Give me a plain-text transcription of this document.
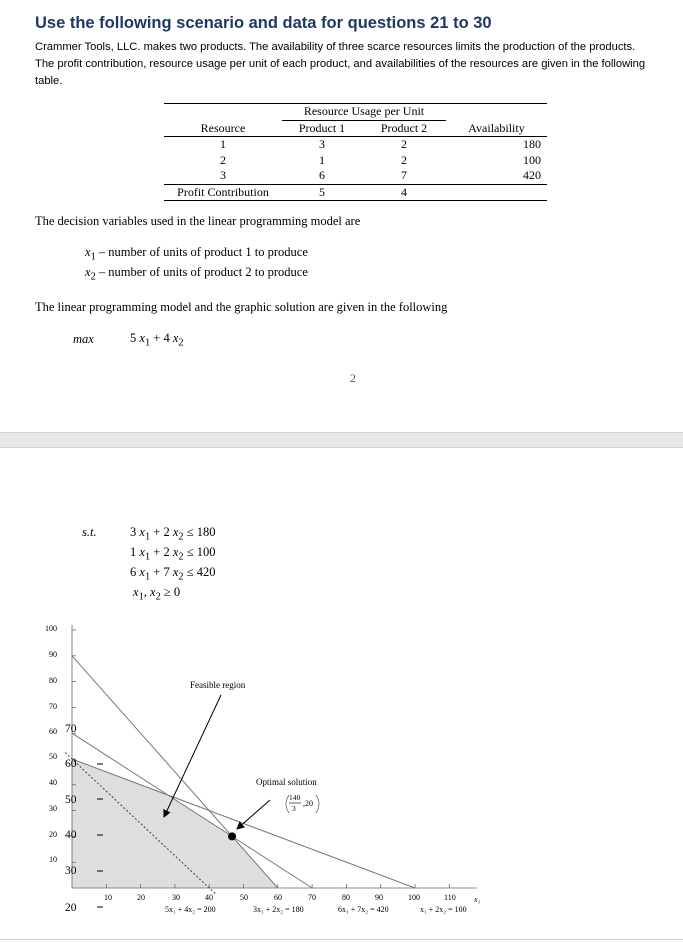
Use the following scenario and data for questions 21 to 30

Crammer Tools, LLC. makes two products. The availability of three scarce resources limits the production of the products. The profit contribution, resource usage per unit of each product, and availabilities of the resources are given in the following table.

	Resource Usage per Unit		
Resource	Product 1	Product 2	Availability
1	3	2	180
2	1	2	100
3	6	7	420
Profit Contribution	5	4	

The decision variables used in the linear programming model are

$x_1$ – number of units of product 1 to produce
$x_2$ – number of units of product 2 to produce

The linear programming model and the graphic solution are given in the following

max	5 $x_1 + 4$ $x_2$
2
s.t.	3 $x_1 + 2$ $x_2 \le 180$
1 $x_1 + 2$ $x_2 \le 100$
6 $x_1 + 7$ $x_2 \le 420$
$x_1$, $x_2 \ge 0$
Feasible region
Optimal solution
140
3
,20
5x₁ + 4x₂ = 200	3x₁ + 2x₂ = 180	6x₁ + 7x₂ = 420	x₁ + 2x₂ = 100
x₁
100
90
80
70
60
50
40
30
20
10
10	20	30	40	50	60	70	80	90	100	110
70
60
50
40
30
20
